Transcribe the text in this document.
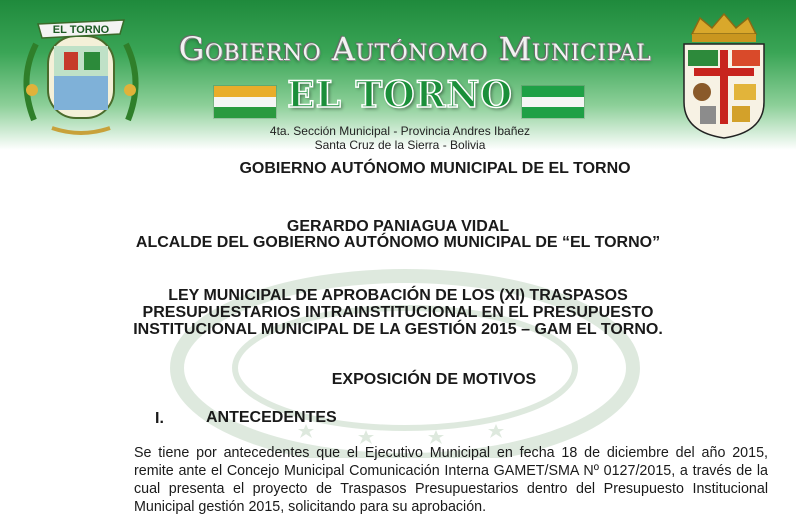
EL TORNO	Gobierno Autónomo Municipal
EL TORNO
4ta. Sección Municipal - Provincia Andres Ibañez
Santa Cruz de la Sierra - Bolivia
GOBIERNO AUTÓNOMO MUNICIPAL DE EL TORNO
GERARDO PANIAGUA VIDAL
ALCALDE DEL GOBIERNO AUTÓNOMO MUNICIPAL DE “EL TORNO”
LEY MUNICIPAL DE APROBACIÓN DE LOS (XI) TRASPASOS
PRESUPUESTARIOS INTRAINSTITUCIONAL EN EL PRESUPUESTO
INSTITUCIONAL MUNICIPAL DE LA GESTIÓN 2015 – GAM EL TORNO.
EXPOSICIÓN DE MOTIVOS
I.	ANTECEDENTES
Se tiene por antecedentes que el Ejecutivo Municipal en fecha 18 de diciembre del año 2015, remite ante el Concejo Municipal Comunicación Interna GAMET/SMA Nº 0127/2015, a través de la cual presenta el proyecto de Traspasos Presupuestarios dentro del Presupuesto Institucional Municipal gestión 2015, solicitando para su aprobación.
